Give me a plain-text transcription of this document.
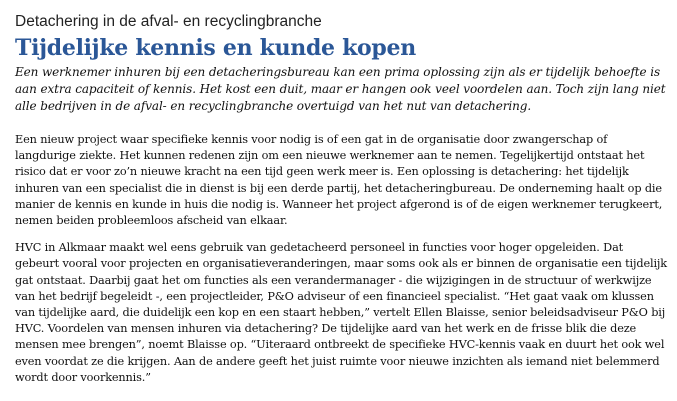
Detachering in de afval- en recyclingbranche

Tijdelijke kennis en kunde kopen

Een werknemer inhuren bij een detacheringsbureau kan een prima oplossing zijn als er tijdelijk behoefte is aan extra capaciteit of kennis. Het kost een duit, maar er hangen ook veel voordelen aan. Toch zijn lang niet alle bedrijven in de afval- en recyclingbranche overtuigd van het nut van detachering.

Een nieuw project waar specifieke kennis voor nodig is of een gat in de organisatie door zwangerschap of langdurige ziekte. Het kunnen redenen zijn om een nieuwe werknemer aan te nemen. Tegelijkertijd ontstaat het risico dat er voor zo’n nieuwe kracht na een tijd geen werk meer is. Een oplossing is detachering: het tijdelijk inhuren van een specialist die in dienst is bij een derde partij, het detacheringbureau. De onderneming haalt op die manier de kennis en kunde in huis die nodig is. Wanneer het project afgerond is of de eigen werknemer terugkeert, nemen beiden probleemloos afscheid van elkaar.

HVC in Alkmaar maakt wel eens gebruik van gedetacheerd personeel in functies voor hoger opgeleiden. Dat gebeurt vooral voor projecten en organisatieveranderingen, maar soms ook als er binnen de organisatie een tijdelijk gat ontstaat. Daarbij gaat het om functies als een verandermanager - die wijzigingen in de structuur of werkwijze van het bedrijf begeleidt -, een projectleider, P&O adviseur of een financieel specialist. “Het gaat vaak om klussen van tijdelijke aard, die duidelijk een kop en een staart hebben,” vertelt Ellen Blaisse, senior beleidsadviseur P&O bij HVC. Voordelen van mensen inhuren via detachering? De tijdelijke aard van het werk en de frisse blik die deze mensen mee brengen”, noemt Blaisse op. “Uiteraard ontbreekt de specifieke HVC-kennis vaak en duurt het ook wel even voordat ze die krijgen. Aan de andere geeft het juist ruimte voor nieuwe inzichten als iemand niet belemmerd wordt door voorkennis.”
